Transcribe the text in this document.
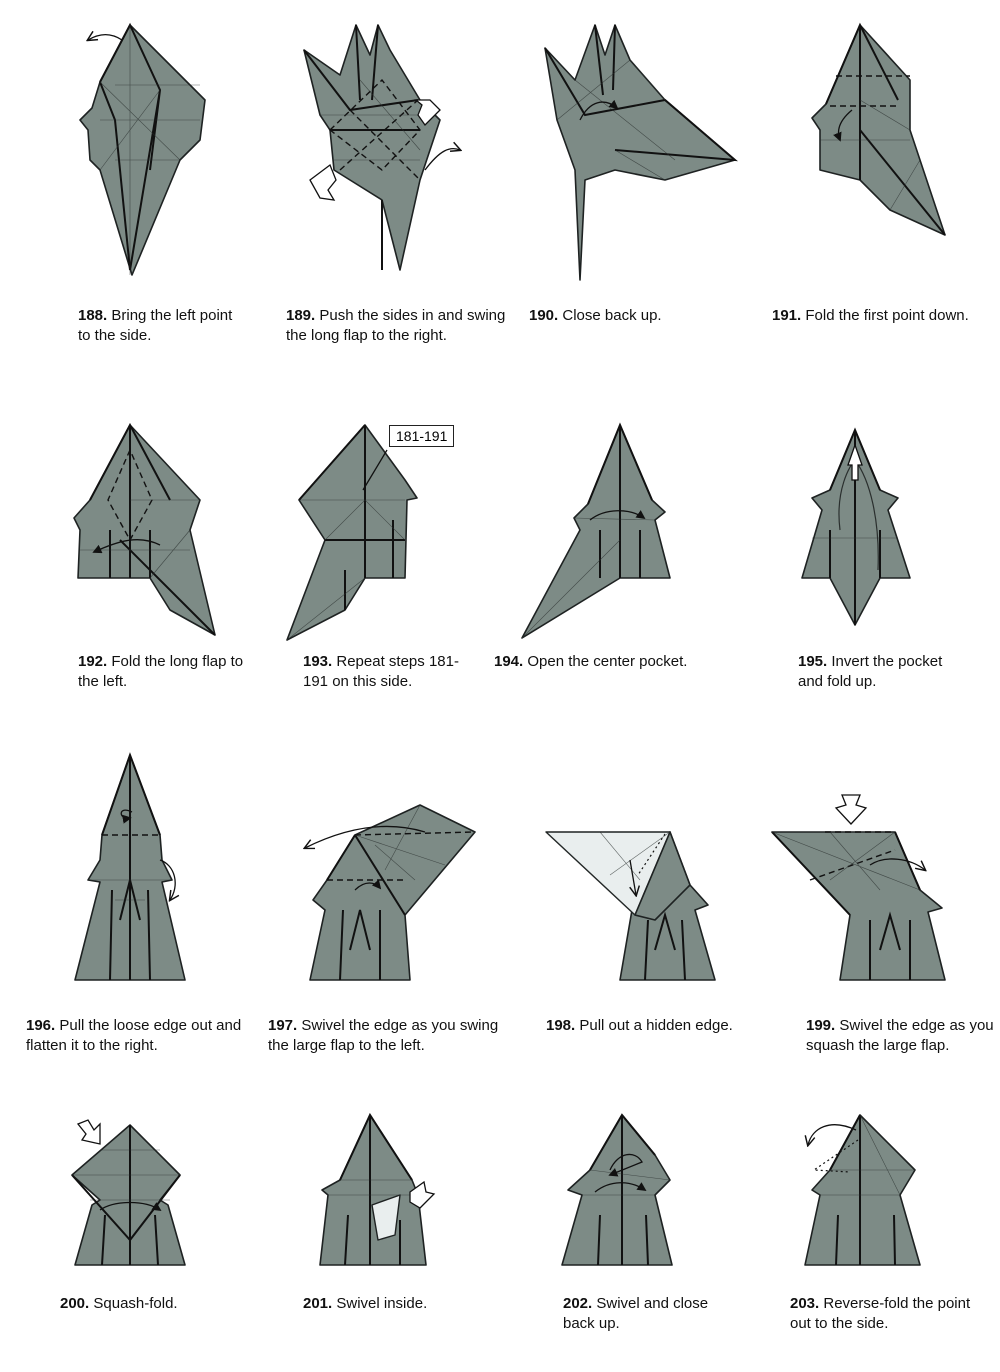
188. Bring the left point to the side.
189. Push the sides in and swing the long flap to the right.
190. Close back up.	191. Fold the first point down.
192. Fold the long flap to the left.
181-191
193. Repeat steps 181-191 on this side.
194. Open the center pocket.	195. Invert the pocket and fold up.
196. Pull the loose edge out and flatten it to the right.
197. Swivel the edge as you swing the large flap to the left.
198. Pull out a hidden edge.	199. Swivel the edge as you squash the large flap.
200. Squash-fold.	201. Swivel inside.	202. Swivel and close back up.
203. Reverse-fold the point out to the side.
